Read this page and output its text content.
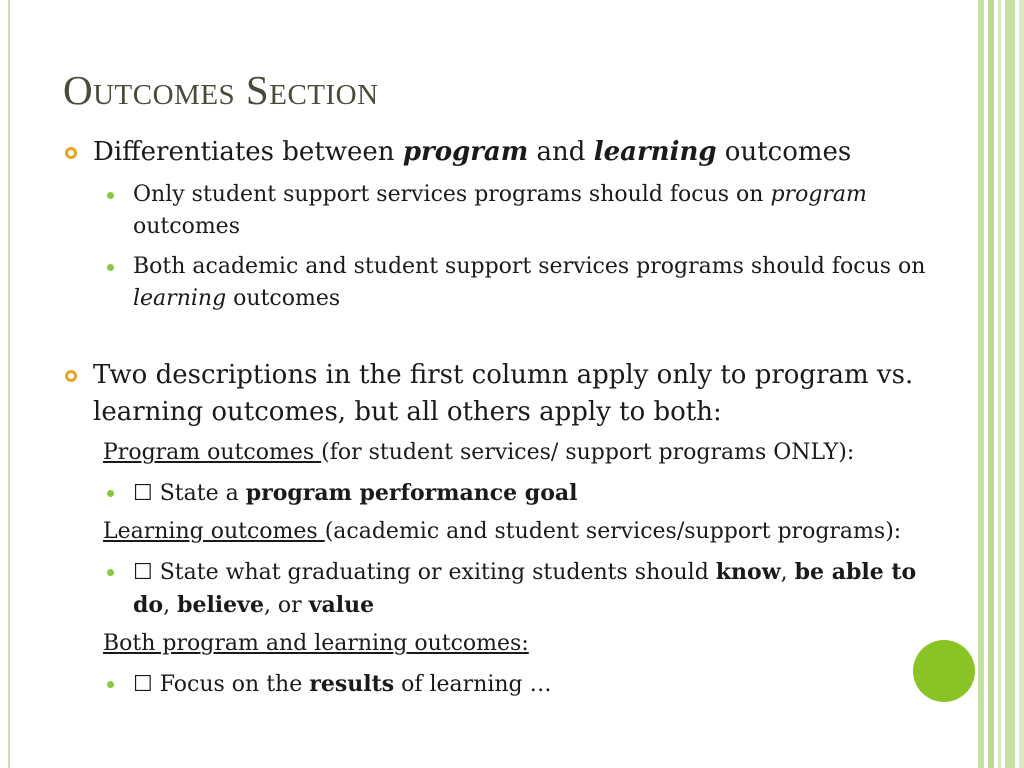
Outcomes Section
Differentiates between program and learning outcomes
Only student support services programs should focus on program outcomes
Both academic and student support services programs should focus on learning outcomes
Two descriptions in the first column apply only to program vs. learning outcomes, but all others apply to both:
Program outcomes (for student services/ support programs ONLY):
☐ State a program performance goal
Learning outcomes (academic and student services/support programs):
☐ State what graduating or exiting students should know, be able to do, believe, or value
Both program and learning outcomes:
☐ Focus on the results of learning …
